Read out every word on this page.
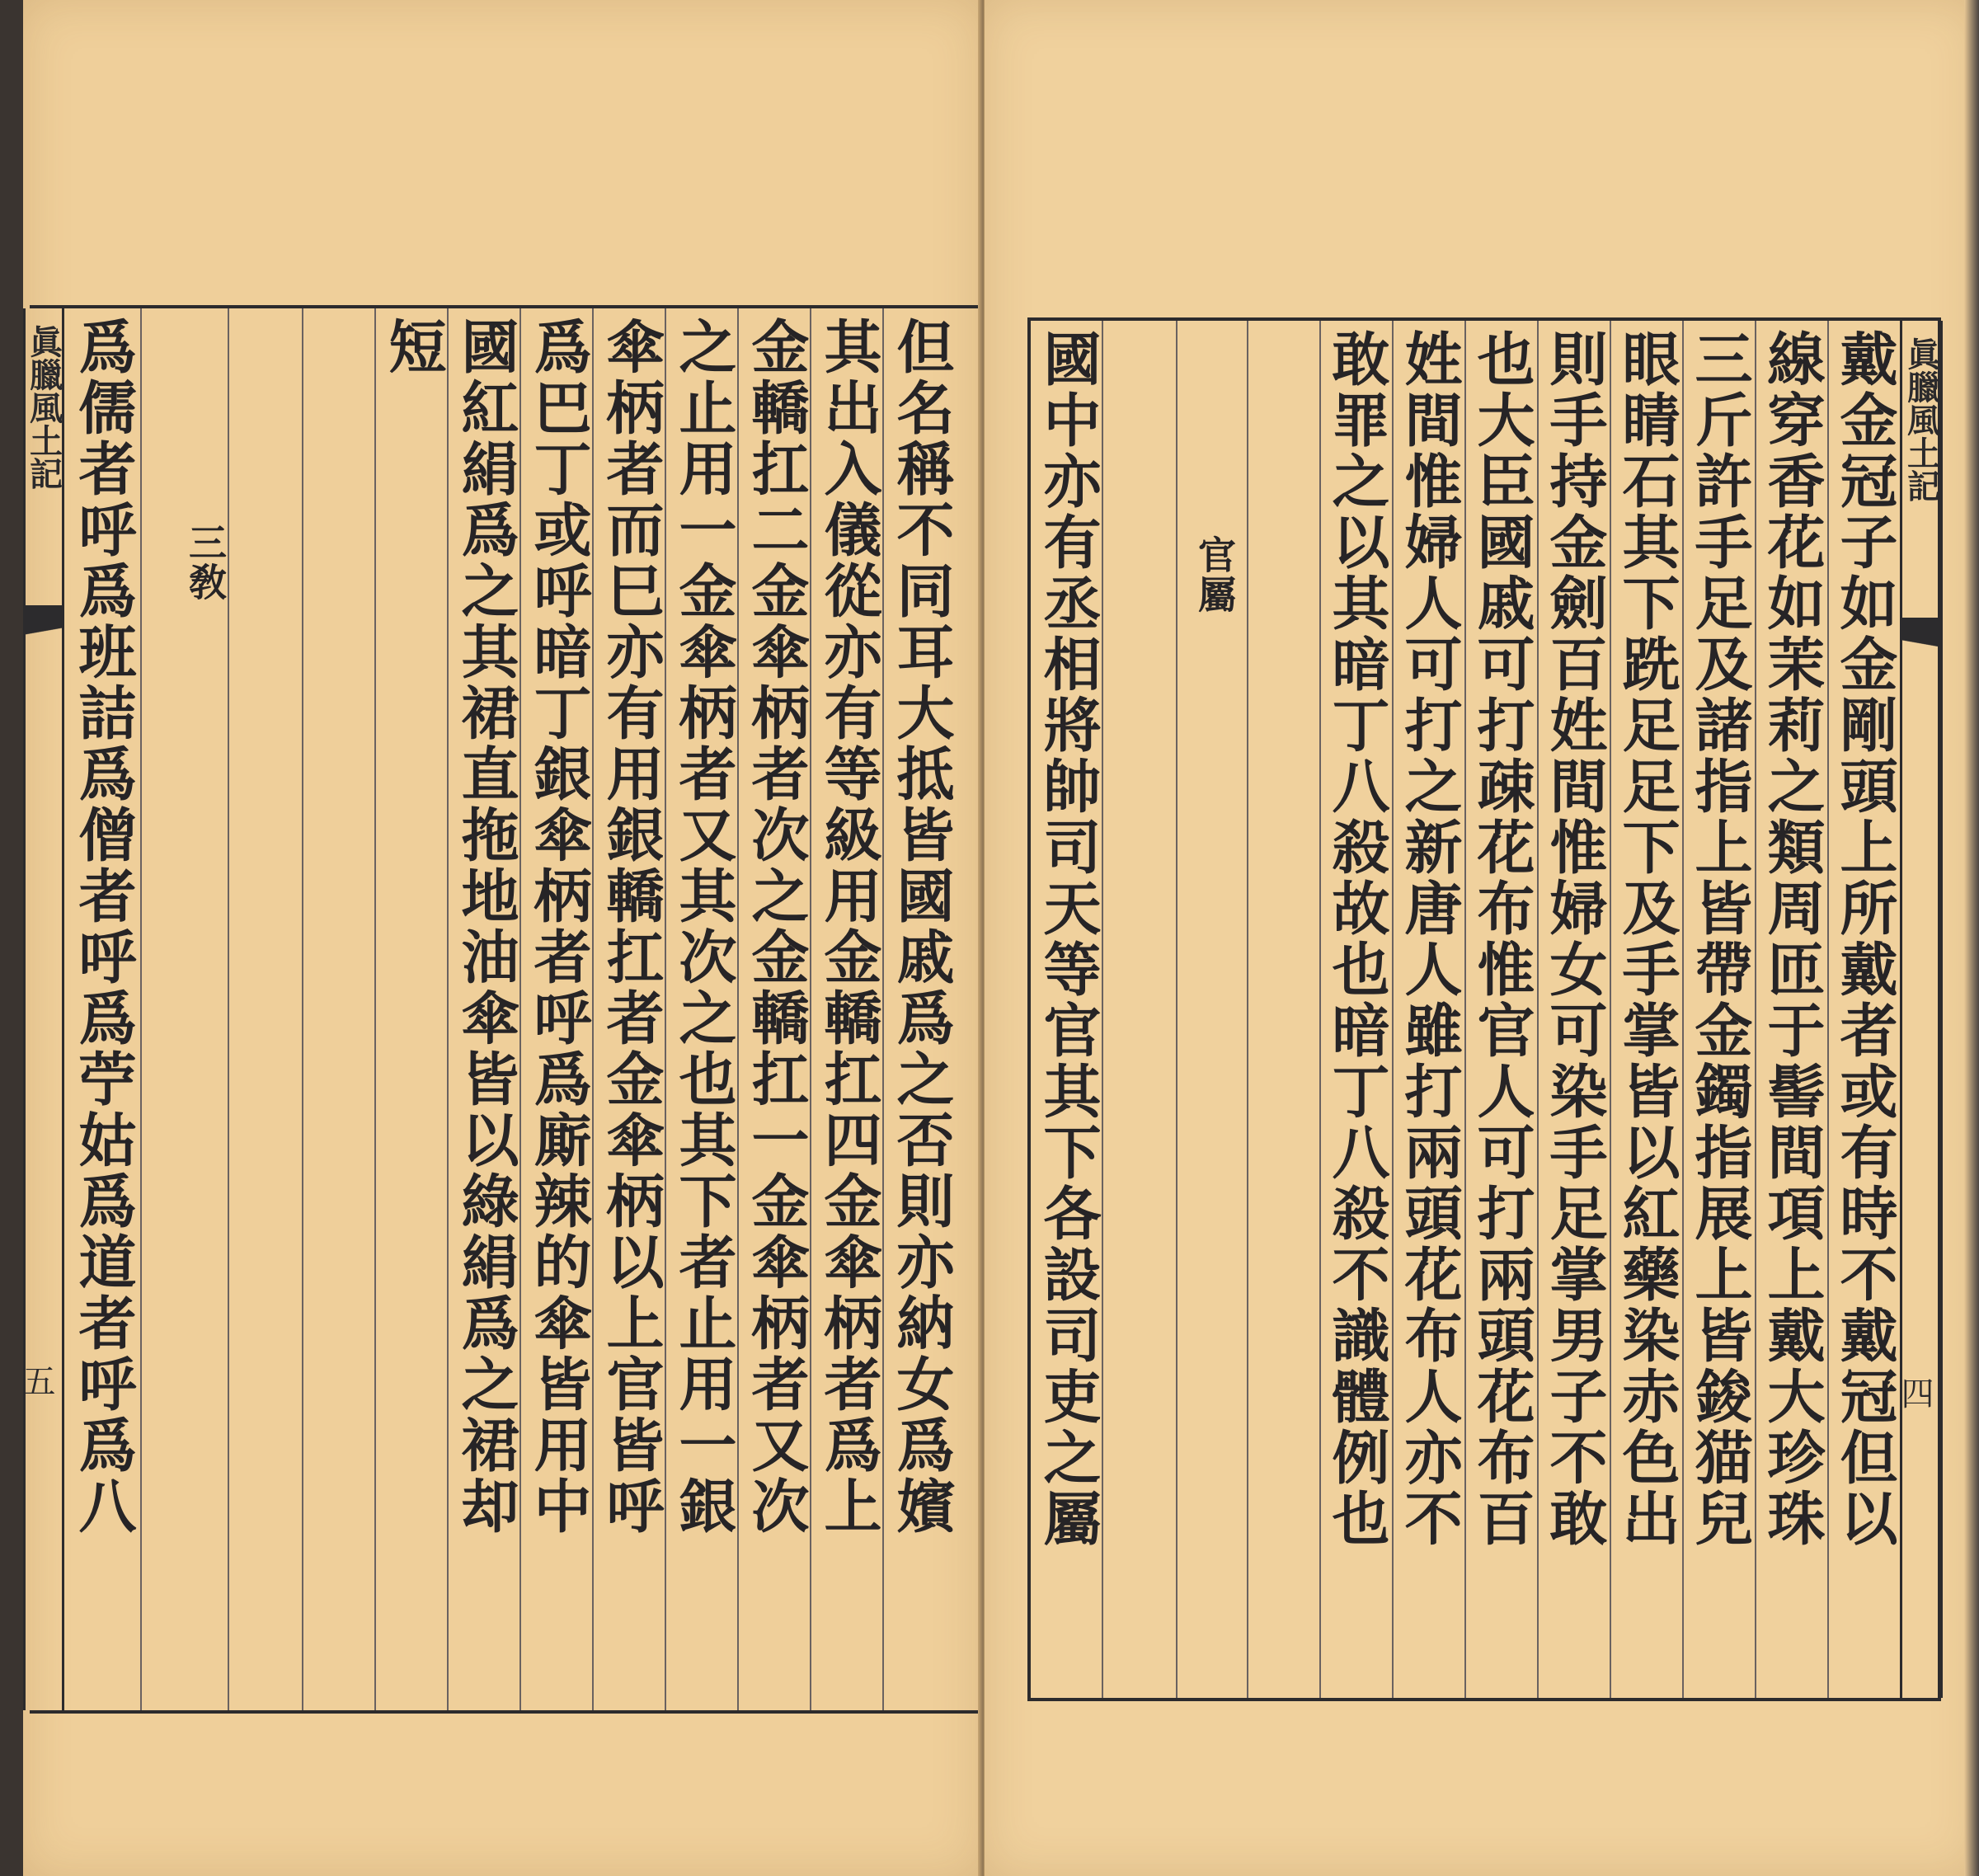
眞臘風土記
五	但名稱不同耳大抵皆國戚爲之否則亦納女爲嬪
其出入儀從亦有等級用金轎扛四金傘柄者爲上
金轎扛二金傘柄者次之金轎扛一金傘柄者又次
之止用一金傘柄者又其次之也其下者止用一銀
傘柄者而巳亦有用銀轎扛者金傘柄以上官皆呼
爲巴丁或呼暗丁銀傘柄者呼爲廝辣的傘皆用中
國紅絹爲之其裙直拖地油傘皆以綠絹爲之裙却
短
三敎
爲儒者呼爲班詰爲僧者呼爲苧姑爲道者呼爲八	眞臘風土記
四
戴金冠子如金剛頭上所戴者或有時不戴冠但以
線穿香花如茉莉之類周匝于髻間項上戴大珍珠
三斤許手足及諸指上皆帶金鐲指展上皆鋑猫兒
眼睛石其下跣足足下及手掌皆以紅藥染赤色出
則手持金劍百姓間惟婦女可染手足掌男子不敢
也大臣國戚可打疎花布惟官人可打兩頭花布百
姓間惟婦人可打之新唐人雖打兩頭花布人亦不
敢罪之以其暗丁八殺故也暗丁八殺不識體例也
官屬
國中亦有丞相將帥司天等官其下各設司吏之屬
